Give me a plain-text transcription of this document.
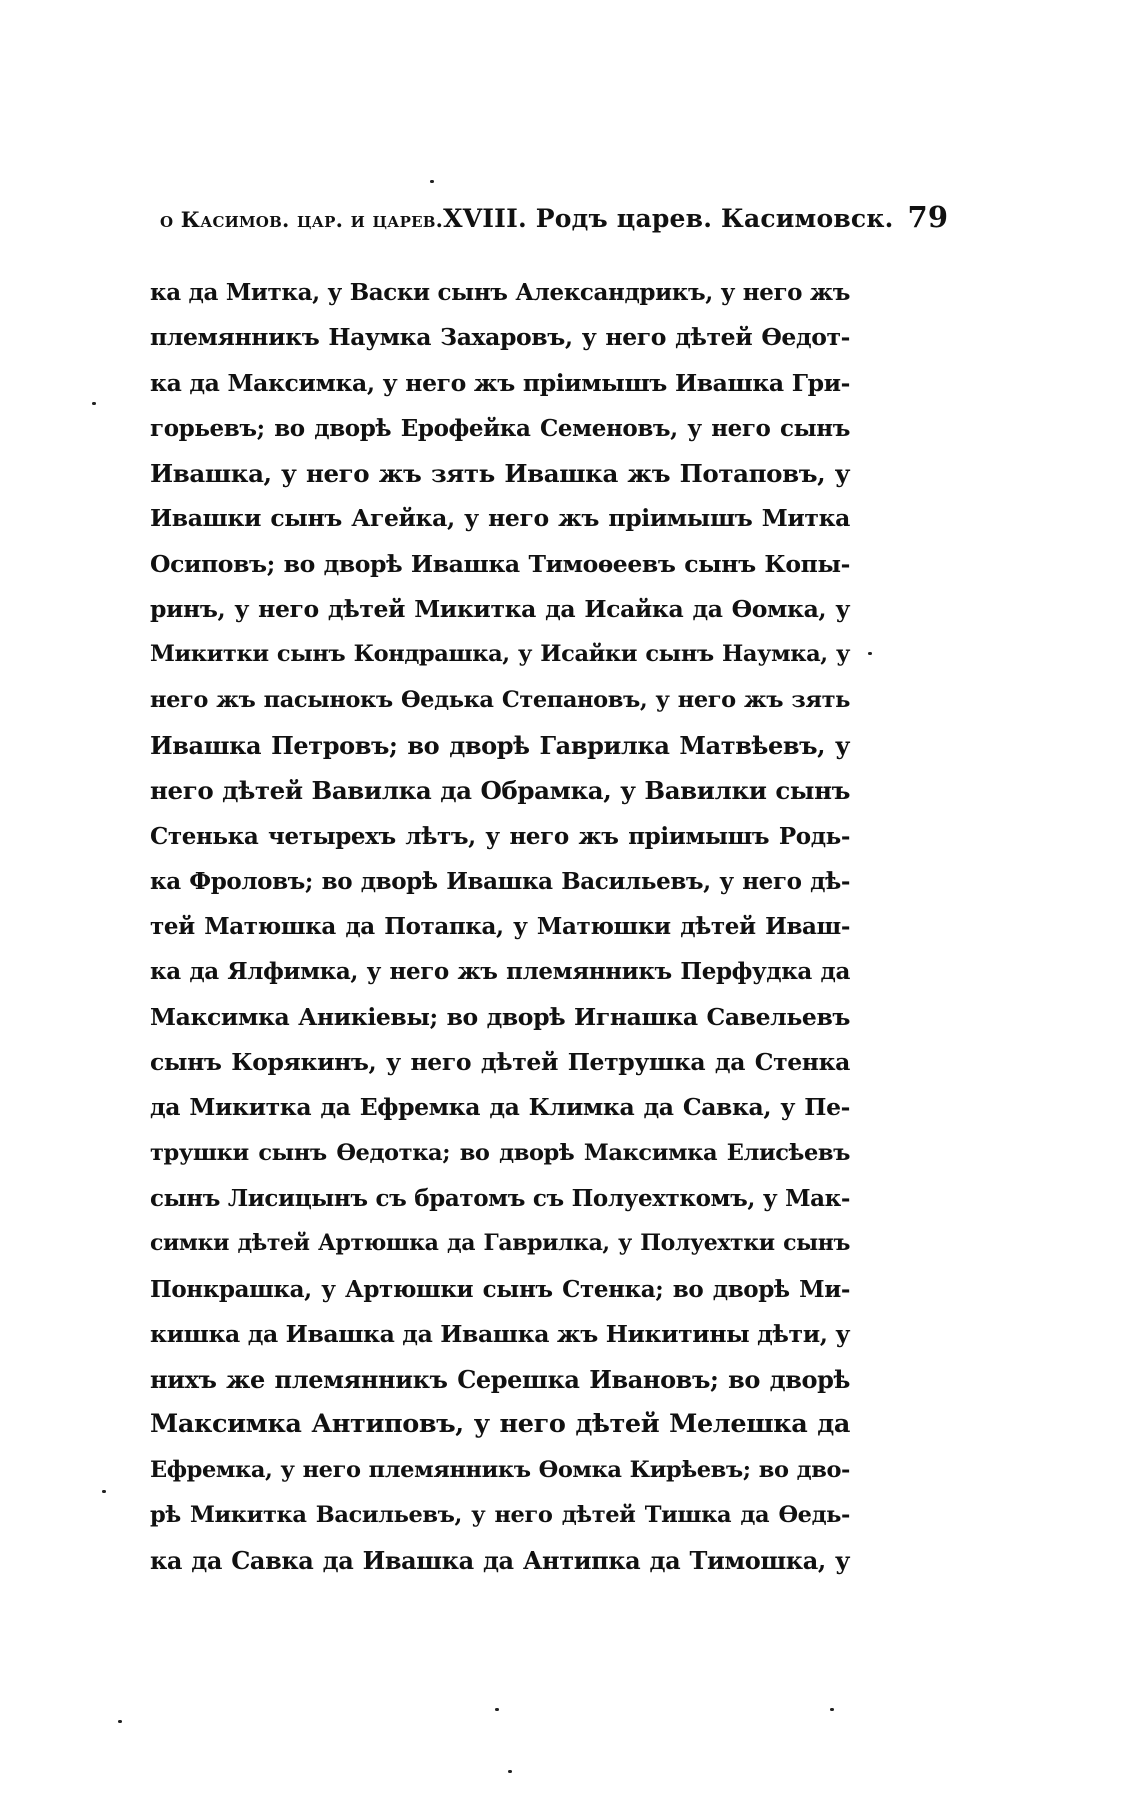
о Касимов. цар. и царев. XVIII. Родъ царев. Касимовск. 79
ка да Митка, у Васки сынъ Александрикъ, у него жъ
племянникъ Наумка Захаровъ, у него дѣтей Ѳедот-
ка да Максимка, у него жъ пріимышъ Ивашка Гри-
горьевъ; во дворѣ Ерофейка Семеновъ, у него сынъ
Ивашка, у него жъ зять Ивашка жъ Потаповъ, у
Ивашки сынъ Агейка, у него жъ пріимышъ Митка
Осиповъ; во дворѣ Ивашка Тимоѳеевъ сынъ Копы-
ринъ, у него дѣтей Микитка да Исайка да Ѳомка, у
Микитки сынъ Кондрашка, у Исайки сынъ Наумка, у
него жъ пасынокъ Ѳедька Степановъ, у него жъ зять
Ивашка Петровъ; во дворѣ Гаврилка Матвѣевъ, у
него дѣтей Вавилка да Обрамка, у Вавилки сынъ
Стенька четырехъ лѣтъ, у него жъ пріимышъ Родь-
ка Фроловъ; во дворѣ Ивашка Васильевъ, у него дѣ-
тей Матюшка да Потапка, у Матюшки дѣтей Иваш-
ка да Ялфимка, у него жъ племянникъ Перфудка да
Максимка Аникіевы; во дворѣ Игнашка Савельевъ
сынъ Корякинъ, у него дѣтей Петрушка да Стенка
да Микитка да Ефремка да Климка да Савка, у Пе-
трушки сынъ Ѳедотка; во дворѣ Максимка Елисѣевъ
сынъ Лисицынъ съ братомъ съ Полуехткомъ, у Мак-
симки дѣтей Артюшка да Гаврилка, у Полуехтки сынъ
Понкрашка, у Артюшки сынъ Стенка; во дворѣ Ми-
кишка да Ивашка да Ивашка жъ Никитины дѣти, у
нихъ же племянникъ Серешка Ивановъ; во дворѣ
Максимка Антиповъ, у него дѣтей Мелешка да
Ефремка, у него племянникъ Ѳомка Кирѣевъ; во дво-
рѣ Микитка Васильевъ, у него дѣтей Тишка да Ѳедь-
ка да Савка да Ивашка да Антипка да Тимошка, у
